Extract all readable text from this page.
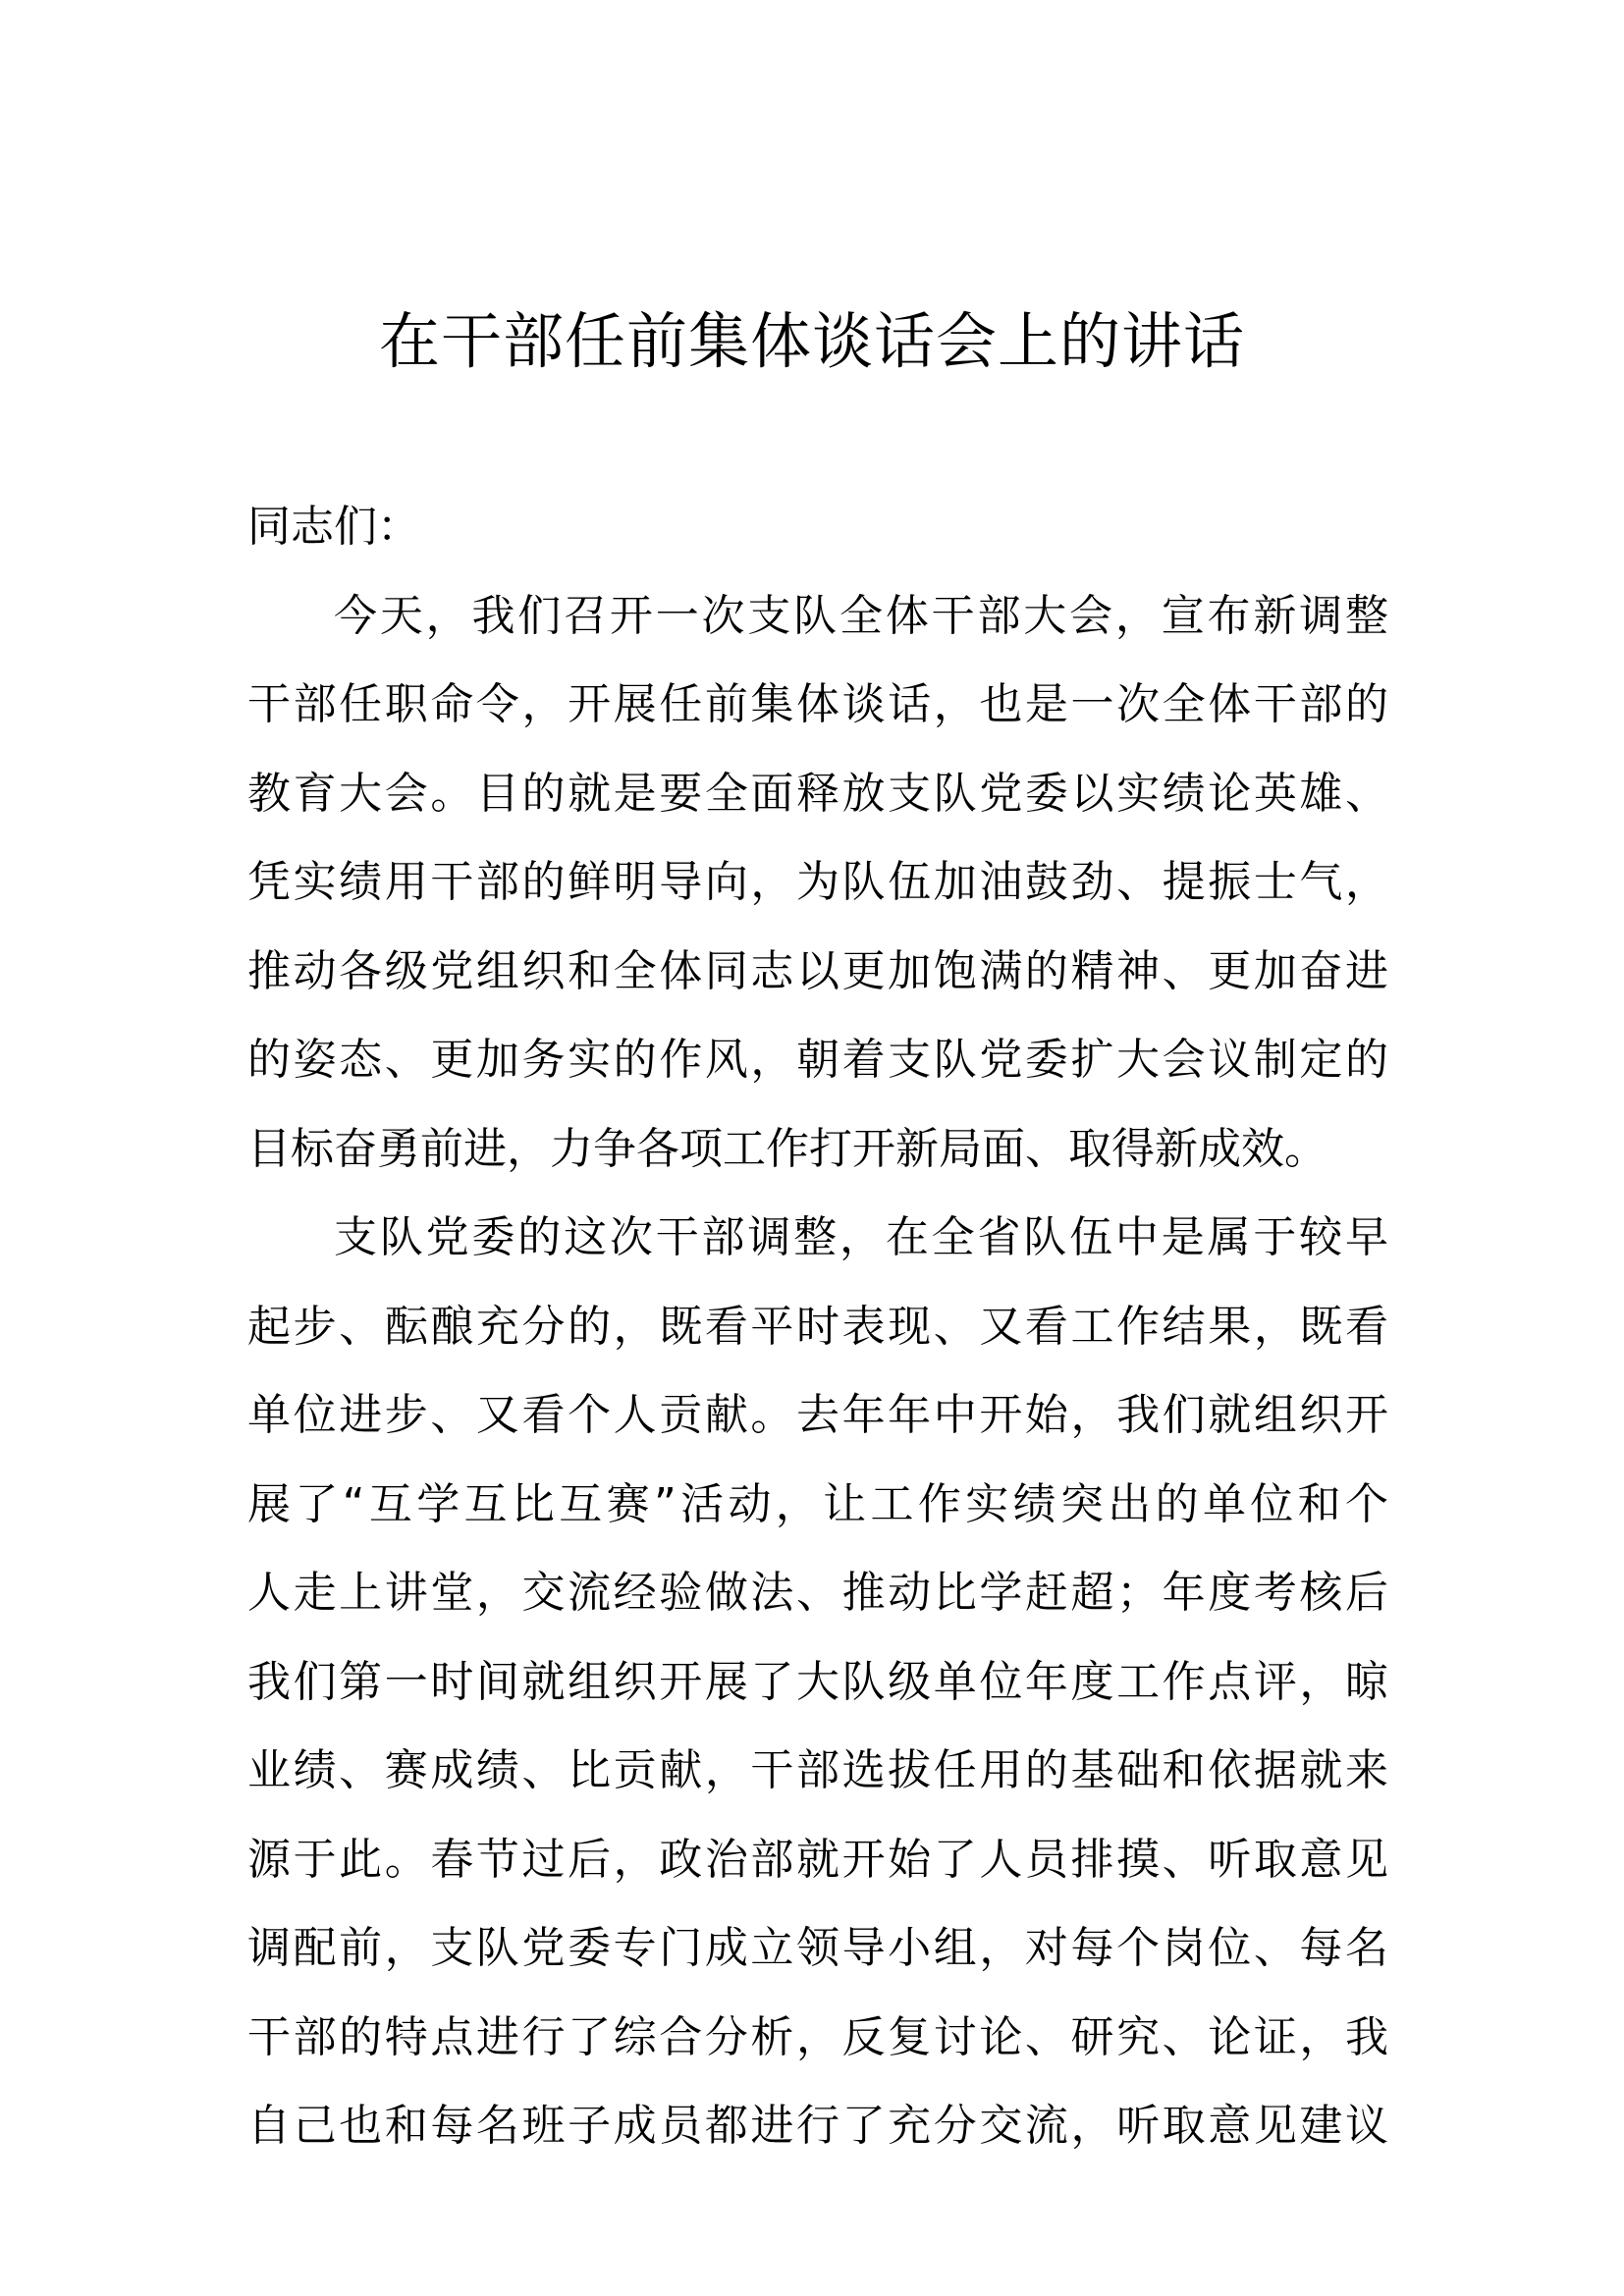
在干部任前集体谈话会上的讲话
同志们：
今天，我们召开一次支队全体干部大会，宣布新调整
干部任职命令，开展任前集体谈话，也是一次全体干部的
教育大会。目的就是要全面释放支队党委以实绩论英雄、
凭实绩用干部的鲜明导向，为队伍加油鼓劲、提振士气，
推动各级党组织和全体同志以更加饱满的精神、更加奋进
的姿态、更加务实的作风，朝着支队党委扩大会议制定的
目标奋勇前进，力争各项工作打开新局面、取得新成效。
支队党委的这次干部调整，在全省队伍中是属于较早
起步、酝酿充分的，既看平时表现、又看工作结果，既看
单位进步、又看个人贡献。去年年中开始，我们就组织开
展了“互学互比互赛”活动，让工作实绩突出的单位和个
人走上讲堂，交流经验做法、推动比学赶超；年度考核后
我们第一时间就组织开展了大队级单位年度工作点评，晾
业绩、赛成绩、比贡献，干部选拔任用的基础和依据就来
源于此。春节过后，政治部就开始了人员排摸、听取意见
调配前，支队党委专门成立领导小组，对每个岗位、每名
干部的特点进行了综合分析，反复讨论、研究、论证，我
自己也和每名班子成员都进行了充分交流，听取意见建议
